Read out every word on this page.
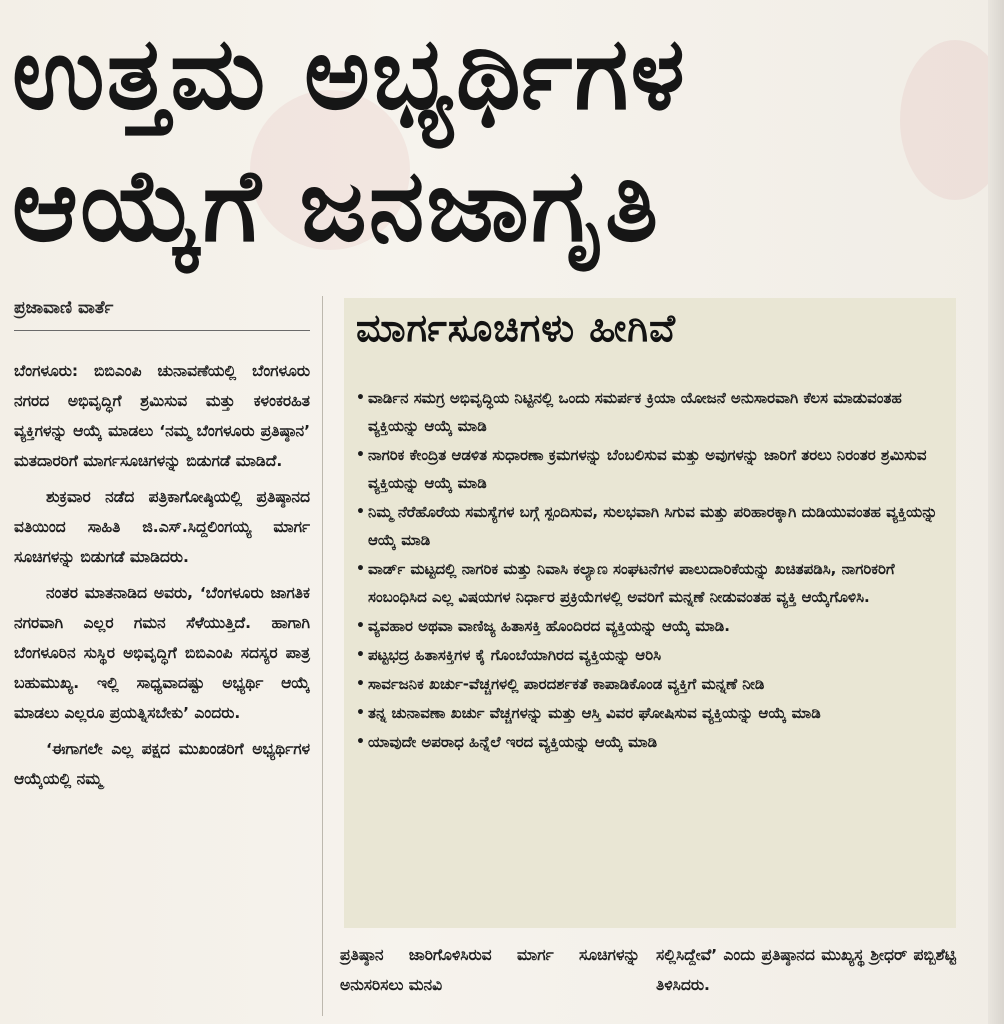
ಉತ್ತಮ ಅಭ್ಯರ್ಥಿಗಳ
ಆಯ್ಕೆಗೆ ಜನಜಾಗೃತಿ
ಪ್ರಜಾವಾಣಿ ವಾರ್ತೆ

ಬೆಂಗಳೂರು: ಬಿಬಿಎಂಪಿ ಚುನಾವಣೆಯಲ್ಲಿ ಬೆಂಗಳೂರು ನಗರದ ಅಭಿವೃದ್ಧಿಗೆ ಶ್ರಮಿಸುವ ಮತ್ತು ಕಳಂಕರಹಿತ ವ್ಯಕ್ತಿಗಳನ್ನು ಆಯ್ಕೆ ಮಾಡಲು ‘ನಮ್ಮ ಬೆಂಗಳೂರು ಪ್ರತಿಷ್ಠಾನ’ ಮತದಾರರಿಗೆ ಮಾರ್ಗಸೂಚಿಗಳನ್ನು ಬಿಡುಗಡೆ ಮಾಡಿದೆ.

ಶುಕ್ರವಾರ ನಡೆದ ಪತ್ರಿಕಾಗೋಷ್ಠಿಯಲ್ಲಿ ಪ್ರತಿಷ್ಠಾನದ ವತಿಯಿಂದ ಸಾಹಿತಿ ಜಿ.ಎಸ್.ಸಿದ್ದಲಿಂಗಯ್ಯ ಮಾರ್ಗ ಸೂಚಿಗಳನ್ನು ಬಿಡುಗಡೆ ಮಾಡಿದರು.

ನಂತರ ಮಾತನಾಡಿದ ಅವರು, ‘ಬೆಂಗಳೂರು ಜಾಗತಿಕ ನಗರವಾಗಿ ಎಲ್ಲರ ಗಮನ ಸೆಳೆಯುತ್ತಿದೆ. ಹಾಗಾಗಿ ಬೆಂಗಳೂರಿನ ಸುಸ್ಥಿರ ಅಭಿವೃದ್ಧಿಗೆ ಬಿಬಿಎಂಪಿ ಸದಸ್ಯರ ಪಾತ್ರ ಬಹುಮುಖ್ಯ. ಇಲ್ಲಿ ಸಾಧ್ಯವಾದಷ್ಟು ಅಭ್ಯರ್ಥಿ ಆಯ್ಕೆ ಮಾಡಲು ಎಲ್ಲರೂ ಪ್ರಯತ್ನಿಸಬೇಕು’ ಎಂದರು.

‘ಈಗಾಗಲೇ ಎಲ್ಲ ಪಕ್ಷದ ಮುಖಂಡರಿಗೆ ಅಭ್ಯರ್ಥಿಗಳ ಆಯ್ಕೆಯಲ್ಲಿ ನಮ್ಮ

ಮಾರ್ಗಸೂಚಿಗಳು ಹೀಗಿವೆ
• ವಾರ್ಡಿನ ಸಮಗ್ರ ಅಭಿವೃದ್ಧಿಯ ನಿಟ್ಟಿನಲ್ಲಿ ಒಂದು ಸಮರ್ಪಕ ಕ್ರಿಯಾ ಯೋಜನೆ ಅನುಸಾರವಾಗಿ ಕೆಲಸ ಮಾಡುವಂತಹ ವ್ಯಕ್ತಿಯನ್ನು ಆಯ್ಕೆ ಮಾಡಿ
• ನಾಗರಿಕ ಕೇಂದ್ರಿತ ಆಡಳಿತ ಸುಧಾರಣಾ ಕ್ರಮಗಳನ್ನು ಬೆಂಬಲಿಸುವ ಮತ್ತು ಅವುಗಳನ್ನು ಜಾರಿಗೆ ತರಲು ನಿರಂತರ ಶ್ರಮಿಸುವ ವ್ಯಕ್ತಿಯನ್ನು ಆಯ್ಕೆ ಮಾಡಿ
• ನಿಮ್ಮ ನೆರೆಹೊರೆಯ ಸಮಸ್ಯೆಗಳ ಬಗ್ಗೆ ಸ್ಪಂದಿಸುವ, ಸುಲಭವಾಗಿ ಸಿಗುವ ಮತ್ತು ಪರಿಹಾರಕ್ಕಾಗಿ ದುಡಿಯುವಂತಹ ವ್ಯಕ್ತಿಯನ್ನು ಆಯ್ಕೆ ಮಾಡಿ
• ವಾರ್ಡ್ ಮಟ್ಟದಲ್ಲಿ ನಾಗರಿಕ ಮತ್ತು ನಿವಾಸಿ ಕಲ್ಯಾಣ ಸಂಘಟನೆಗಳ ಪಾಲುದಾರಿಕೆಯನ್ನು ಖಚಿತಪಡಿಸಿ, ನಾಗರಿಕರಿಗೆ ಸಂಬಂಧಿಸಿದ ಎಲ್ಲ ವಿಷಯಗಳ ನಿರ್ಧಾರ ಪ್ರಕ್ರಿಯೆಗಳಲ್ಲಿ ಅವರಿಗೆ ಮನ್ನಣೆ ನೀಡುವಂತಹ ವ್ಯಕ್ತಿ ಆಯ್ಕೆಗೊಳಿಸಿ.
• ವ್ಯವಹಾರ ಅಥವಾ ವಾಣಿಜ್ಯ ಹಿತಾಸಕ್ತಿ ಹೊಂದಿರದ ವ್ಯಕ್ತಿಯನ್ನು ಆಯ್ಕೆ ಮಾಡಿ.
• ಪಟ್ಟಭದ್ರ ಹಿತಾಸಕ್ತಿಗಳ ಕೈ ಗೊಂಬೆಯಾಗಿರದ ವ್ಯಕ್ತಿಯನ್ನು ಆರಿಸಿ
• ಸಾರ್ವಜನಿಕ ಖರ್ಚು-ವೆಚ್ಚಗಳಲ್ಲಿ ಪಾರದರ್ಶಕತೆ ಕಾಪಾಡಿಕೊಂಡ ವ್ಯಕ್ತಿಗೆ ಮನ್ನಣೆ ನೀಡಿ
• ತನ್ನ ಚುನಾವಣಾ ಖರ್ಚು ವೆಚ್ಚಗಳನ್ನು ಮತ್ತು ಆಸ್ತಿ ವಿವರ ಘೋಷಿಸುವ ವ್ಯಕ್ತಿಯನ್ನು ಆಯ್ಕೆ ಮಾಡಿ
• ಯಾವುದೇ ಅಪರಾಧ ಹಿನ್ನೆಲೆ ಇರದ ವ್ಯಕ್ತಿಯನ್ನು ಆಯ್ಕೆ ಮಾಡಿ
ಪ್ರತಿಷ್ಠಾನ ಜಾರಿಗೊಳಿಸಿರುವ ಮಾರ್ಗ ಸೂಚಿಗಳನ್ನು ಅನುಸರಿಸಲು ಮನವಿ
ಸಲ್ಲಿಸಿದ್ದೇವೆ’ ಎಂದು ಪ್ರತಿಷ್ಠಾನದ ಮುಖ್ಯಸ್ಥ ಶ್ರೀಧರ್ ಪಬ್ಬಿಶೆಟ್ಟಿ ತಿಳಿಸಿದರು.
